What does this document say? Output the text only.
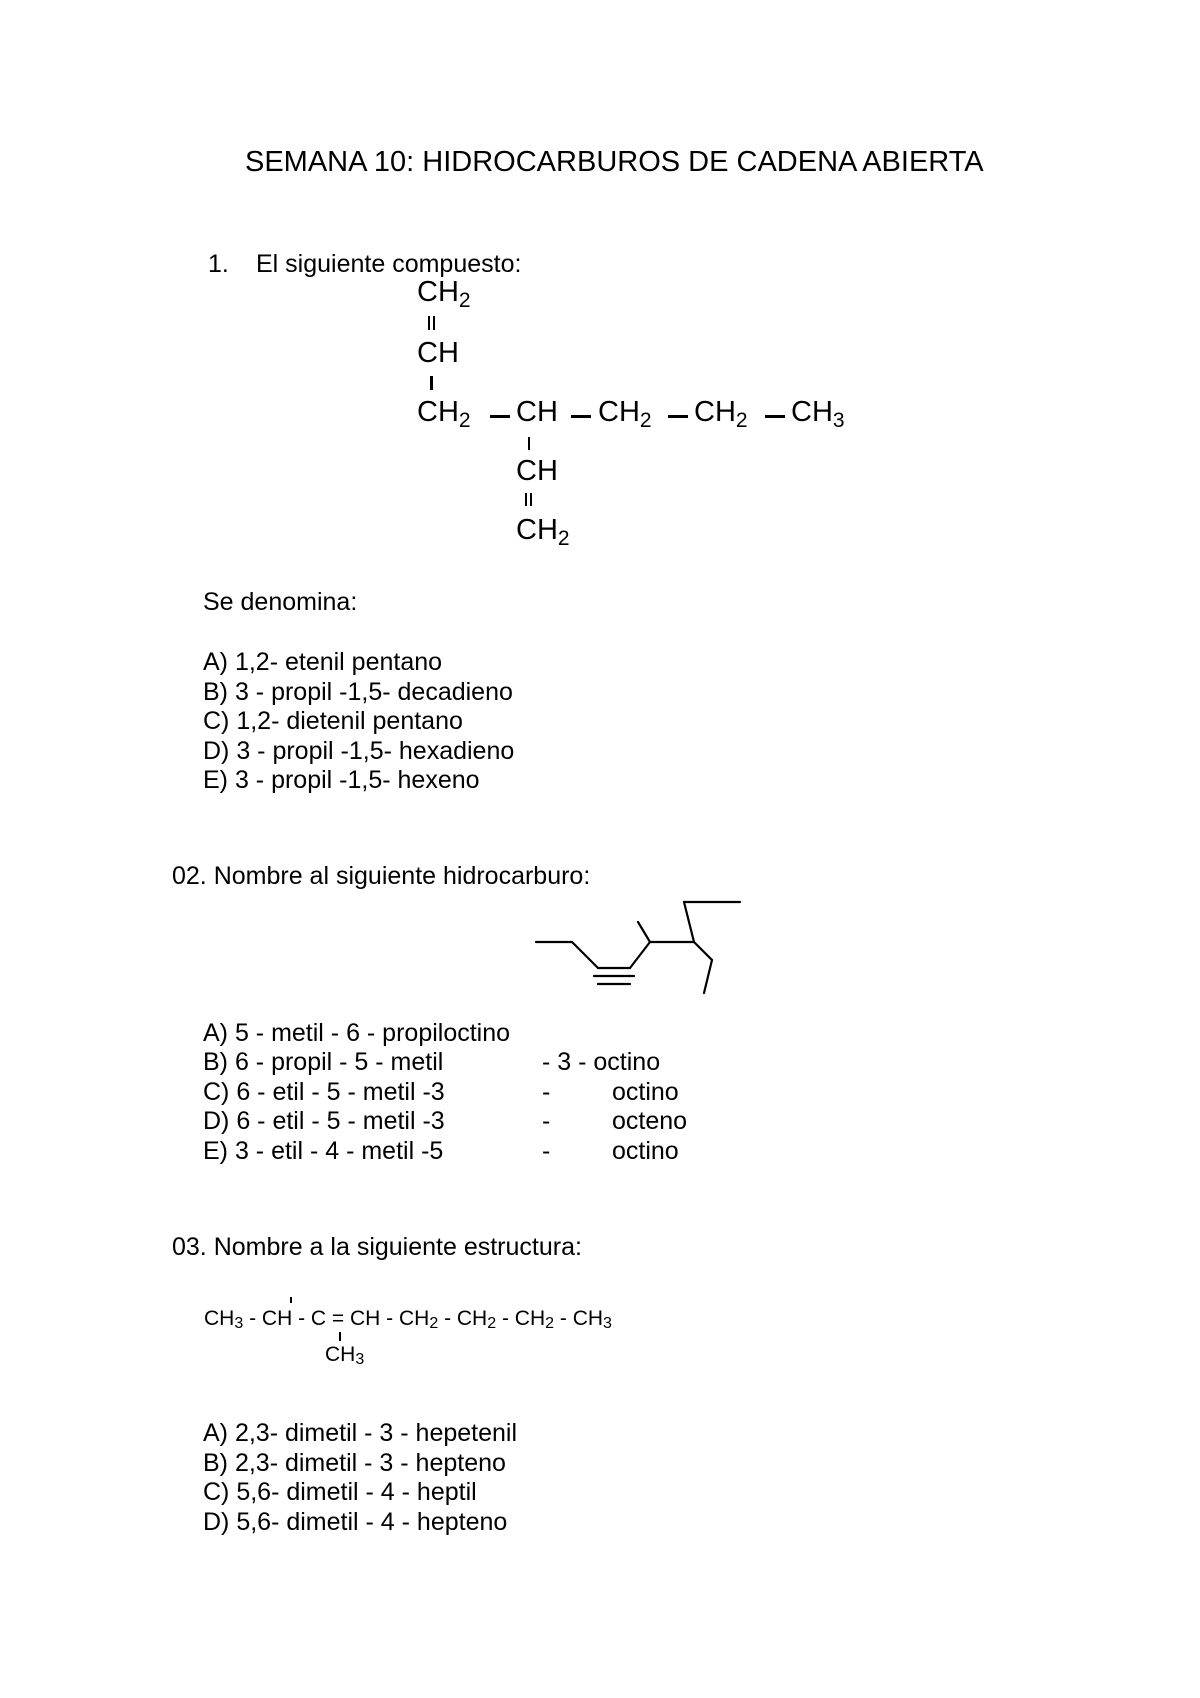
SEMANA 10: HIDROCARBUROS DE CADENA ABIERTA
1. El siguiente compuesto:
$CH_2$
CH
$CH_2$ CH $CH_2$ $CH_2$ $CH_3$
CH
$CH_2$
Se denomina:
A) 1,2- etenil pentano
B) 3 - propil -1,5- decadieno
C) 1,2- dietenil pentano
D) 3 - propil -1,5- hexadieno
E) 3 - propil -1,5- hexeno
02. Nombre al siguiente hidrocarburo:
A) 5 - metil - 6 - propiloctino
B) 6 - propil - 5 - metil	- 3 - octino
C) 6 - etil - 5 - metil -3	- octino
D) 6 - etil - 5 - metil -3	- octeno
E) 3 - etil - 4 - metil -5	- octino
03. Nombre a la siguiente estructura:
$CH_3$ - CH - C = CH - $CH_2 - CH_2 - CH_2 - CH_3$
$CH_3$
A) 2,3- dimetil - 3 - hepetenil
B) 2,3- dimetil - 3 - hepteno
C) 5,6- dimetil - 4 - heptil
D) 5,6- dimetil - 4 - hepteno
